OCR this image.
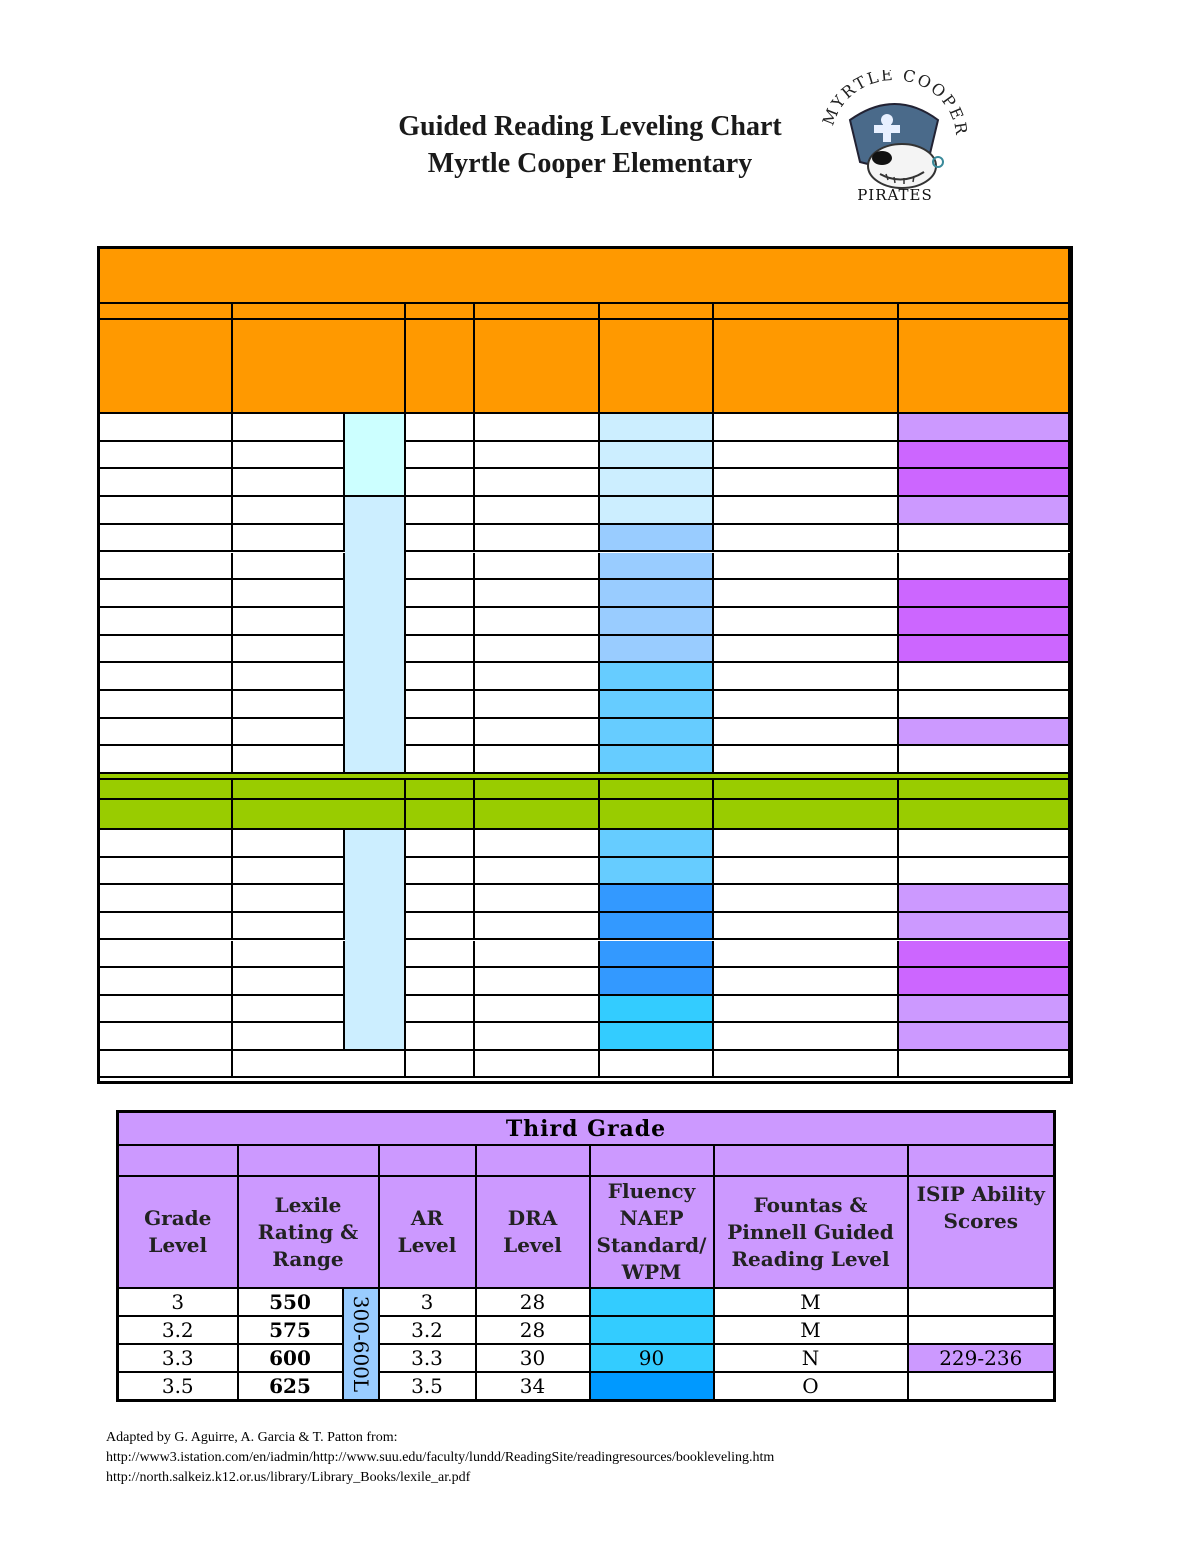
Guided Reading Leveling Chart
Myrtle Cooper Elementary
MYRTLE COOPER
PIRATES
Third Grade							

Grade Level	Lexile Rating & Range		AR Level	DRA Level	Fluency NAEP Standard/ WPM	Fountas & Pinnell Guided Reading Level	ISIP Ability Scores
3	550	300-600L	3	28		M	
3.2	575		3.2	28		M	
3.3	600		3.3	30	90	N	229-236
3.5	625		3.5	34		O	
Adapted by G. Aguirre, A. Garcia & T. Patton from:
http://www3.istation.com/en/iadmin/http://www.suu.edu/faculty/lundd/ReadingSite/readingresources/bookleveling.htm
http://north.salkeiz.k12.or.us/library/Library_Books/lexile_ar.pdf
